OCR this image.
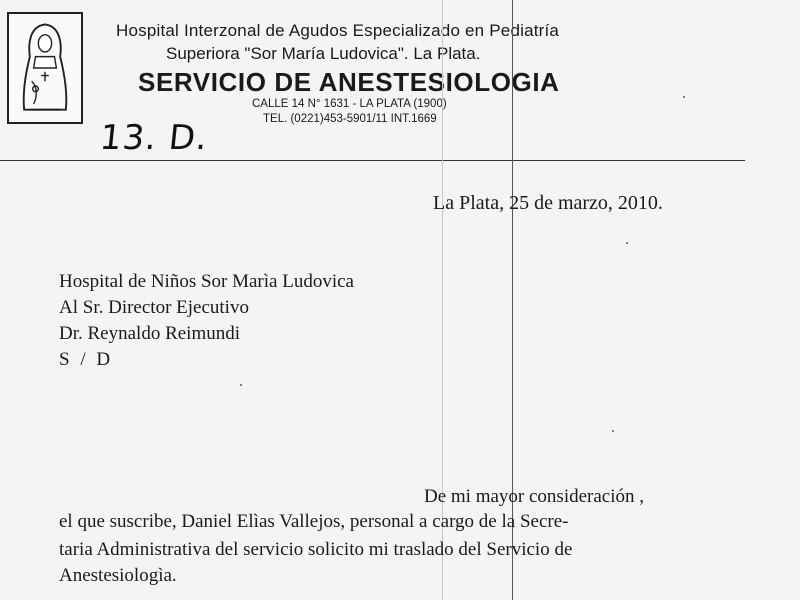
Hospital Interzonal de Agudos Especializado en Pediatría
Superiora "Sor María Ludovica". La Plata.
SERVICIO DE ANESTESIOLOGIA
CALLE 14 N° 1631 - LA PLATA (1900)
TEL. (0221)453-5901/11 INT.1669
13. D.
La Plata, 25 de marzo, 2010.
Hospital de Niños Sor Marìa Ludovica
Al Sr. Director Ejecutivo
Dr. Reynaldo Reimundi
S / D
De mi mayor consideración ,
el que suscribe, Daniel Elìas Vallejos, personal a cargo de la Secre-
taria Administrativa del servicio solicito mi traslado del Servicio de
Anestesiologìa.
